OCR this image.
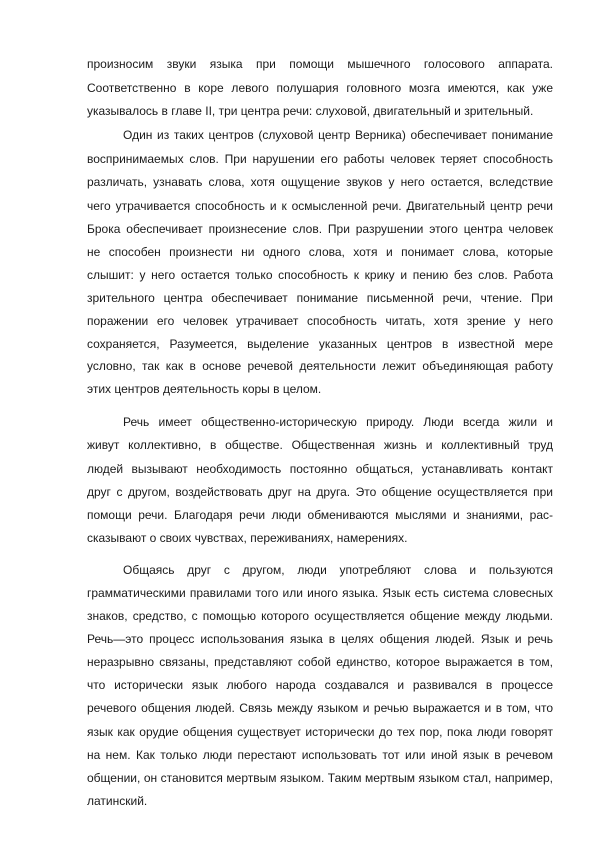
произносим звуки языка при помощи мышечного голосового аппарата.
Соответственно в коре левого полушария головного мозга имеются, как уже
указывалось в главе II, три центра речи: слуховой, двигательный и зрительный.
Один из таких центров (слуховой центр Верника) обеспечивает понимание
воспринимаемых слов. При нарушении его работы человек теряет способность
различать, узнавать слова, хотя ощущение звуков у него остается, вследствие
чего утрачивается способность и к осмысленной речи. Двигательный центр речи
Брока обеспечивает произнесение слов. При разрушении этого центра человек
не способен произнести ни одного слова, хотя и понимает слова, которые
слышит: у него остается только способность к крику и пению без слов. Работа
зрительного центра обеспечивает понимание письменной речи, чтение. При
поражении его человек утрачивает способность читать, хотя зрение у него
сохраняется, Разумеется, выделение указанных центров в известной мере
условно, так как в основе речевой деятельности лежит объединяющая работу
этих центров деятельность коры в целом.
Речь имеет общественно-историческую природу. Люди всегда жили и
живут коллективно, в обществе. Общественная жизнь и коллективный труд
людей вызывают необходимость постоянно общаться, устанавливать контакт
друг с другом, воздействовать друг на друга. Это общение осуществляется при
помощи речи. Благодаря речи люди обмениваются мыслями и знаниями, рас-
сказывают о своих чувствах, переживаниях, намерениях.
Общаясь друг с другом, люди употребляют слова и пользуются
грамматическими правилами того или иного языка. Язык есть система словесных
знаков, средство, с помощью которого осуществляется общение между людьми.
Речь—это процесс использования языка в целях общения людей. Язык и речь
неразрывно связаны, представляют собой единство, которое выражается в том,
что исторически язык любого народа создавался и развивался в процессе
речевого общения людей. Связь между языком и речью выражается и в том, что
язык как орудие общения существует исторически до тех пор, пока люди говорят
на нем. Как только люди перестают использовать тот или иной язык в речевом
общении, он становится мертвым языком. Таким мертвым языком стал, например,
латинский.
